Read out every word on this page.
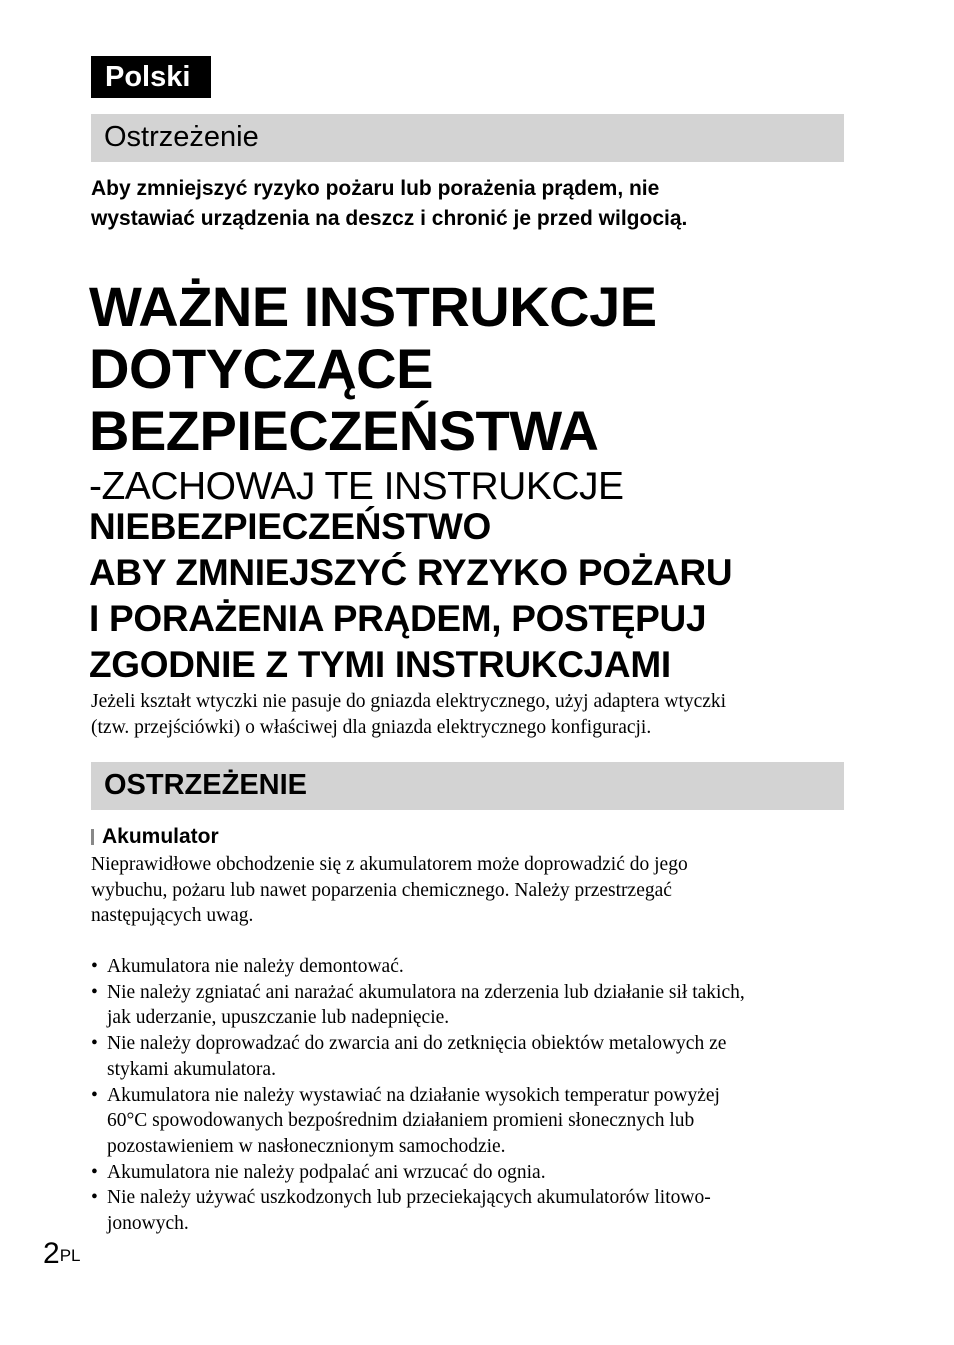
Polski
Ostrzeżenie
Aby zmniejszyć ryzyko pożaru lub porażenia prądem, nie
wystawiać urządzenia na deszcz i chronić je przed wilgocią.
WAŻNE INSTRUKCJE
DOTYCZĄCE
BEZPIECZEŃSTWA
-ZACHOWAJ TE INSTRUKCJE
NIEBEZPIECZEŃSTWO
ABY ZMNIEJSZYĆ RYZYKO POŻARU
I PORAŻENIA PRĄDEM, POSTĘPUJ
ZGODNIE Z TYMI INSTRUKCJAMI
Jeżeli kształt wtyczki nie pasuje do gniazda elektrycznego, użyj adaptera wtyczki
(tzw. przejściówki) o właściwej dla gniazda elektrycznego konfiguracji.
OSTRZEŻENIE
Akumulator
Nieprawidłowe obchodzenie się z akumulatorem może doprowadzić do jego
wybuchu, pożaru lub nawet poparzenia chemicznego. Należy przestrzegać
następujących uwag.
• Akumulatora nie należy demontować.
• Nie należy zgniatać ani narażać akumulatora na zderzenia lub działanie sił takich,
jak uderzanie, upuszczanie lub nadepnięcie.
• Nie należy doprowadzać do zwarcia ani do zetknięcia obiektów metalowych ze
stykami akumulatora.
• Akumulatora nie należy wystawiać na działanie wysokich temperatur powyżej
60°C spowodowanych bezpośrednim działaniem promieni słonecznych lub
pozostawieniem w nasłonecznionym samochodzie.
• Akumulatora nie należy podpalać ani wrzucać do ognia.
• Nie należy używać uszkodzonych lub przeciekających akumulatorów litowo-
jonowych.
$2^{PL}$
